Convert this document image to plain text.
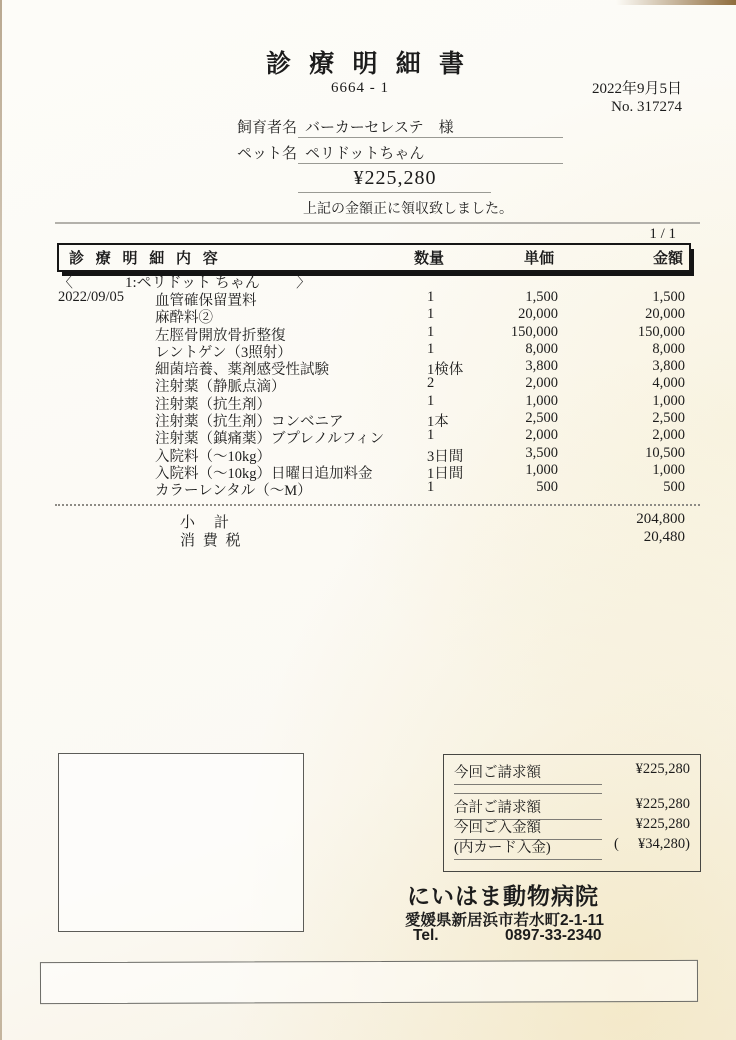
診 療 明 細 書
6664 - 1	2022年9月5日
No. 317274
飼育者名 バーカーセレステ　様
ペット名 ペリドットちゃん
¥225,280
上記の金額正に領収致しました。
1 / 1
診 療 明 細 内 容	数量	単価	金額
〈	1:ペリドット ちゃん 〉
2022/09/05 血管確保留置料	1	1,500	1,500
麻酔料②	1	20,000	20,000
左脛骨開放骨折整復	1	150,000	150,000
レントゲン（3照射）	1	8,000	8,000
細菌培養、薬剤感受性試験	1検体	3,800	3,800
注射薬（静脈点滴）	2	2,000	4,000
注射薬（抗生剤）	1	1,000	1,000
注射薬（抗生剤）コンベニア	1本	2,500	2,500
注射薬（鎮痛薬）ブプレノルフィン	1	2,000	2,000
入院料（～10kg）	3日間	3,500	10,500
入院料（～10kg）日曜日追加料金	1日間	1,000	1,000
カラーレンタル（～M）	1	500	500
小　計	204,800
消 費 税	20,480
今回ご請求額	¥225,280
合計ご請求額	¥225,280
今回ご入金額	¥225,280
(内カード入金)	( ¥34,280)
にいはま動物病院
愛媛県新居浜市若水町2-1-11
Tel.	0897-33-2340
